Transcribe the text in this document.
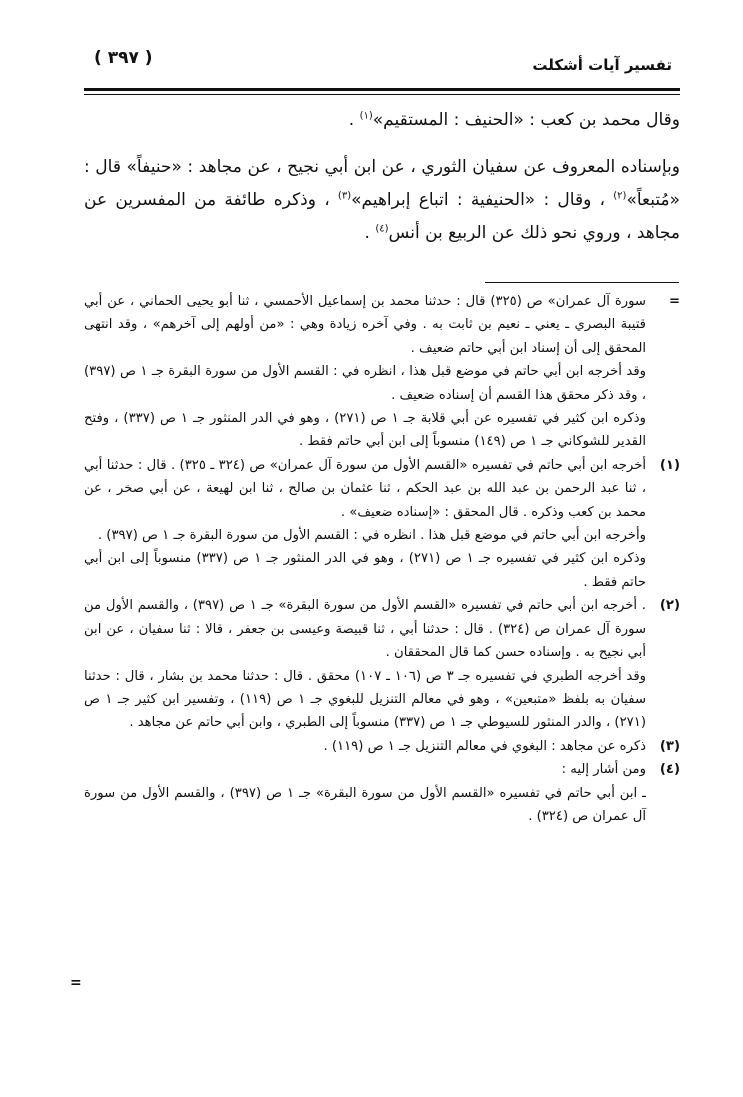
( ٣٩٧ )	تفسير آيات أشكلت

وقال محمد بن كعب : «الحنيف : المستقيم»$^{(١)}$ .

وبإسناده المعروف عن سفيان الثوري ، عن ابن أبي نجيح ، عن مجاهد : «حنيفاً» قال : «مُتبعاً»$^{(٢)}$ ، وقال : «الحنيفية : اتباع إبراهيم»$^{(٣)}$ ، وذكره طائفة من المفسرين عن مجاهد ، وروي نحو ذلك عن الربيع بن أنس$^{(٤)}$ .

=

سورة آل عمران» ص (٣٢٥) قال : حدثنا محمد بن إسماعيل الأحمسي ، ثنا أبو يحيى الحماني ، عن أبي قتيبة البصري ـ يعني ـ نعيم بن ثابت به . وفي آخره زيادة وهي : «من أولهم إلى آخرهم» ، وقد انتهى المحقق إلى أن إسناد ابن أبي حاتم ضعيف .

وقد أخرجه ابن أبي حاتم في موضع قبل هذا ، انظره في : القسم الأول من سورة البقرة جـ ١ ص (٣٩٧) ، وقد ذكر محقق هذا القسم أن إسناده ضعيف .

وذكره ابن كثير في تفسيره عن أبي قلابة جـ ١ ص (٢٧١) ، وهو في الدر المنثور جـ ١ ص (٣٣٧) ، وفتح القدير للشوكاني جـ ١ ص (١٤٩) منسوباً إلى ابن أبي حاتم فقط .

(١)

أخرجه ابن أبي حاتم في تفسيره «القسم الأول من سورة آل عمران» ص (٣٢٤ ـ ٣٢٥) . قال : حدثنا أبي ، ثنا عبد الرحمن بن عبد الله بن عبد الحكم ، ثنا عثمان بن صالح ، ثنا ابن لهيعة ، عن أبي صخر ، عن محمد بن كعب وذكره . قال المحقق : «إسناده ضعيف» .

وأخرجه ابن أبي حاتم في موضع قبل هذا . انظره في : القسم الأول من سورة البقرة جـ ١ ص (٣٩٧) .

وذكره ابن كثير في تفسيره جـ ١ ص (٢٧١) ، وهو في الدر المنثور جـ ١ ص (٣٣٧) منسوباً إلى ابن أبي حاتم فقط .

(٢)

. أخرجه ابن أبي حاتم في تفسيره «القسم الأول من سورة البقرة» جـ ١ ص (٣٩٧) ، والقسم الأول من سورة آل عمران ص (٣٢٤) . قال : حدثنا أبي ، ثنا قبيصة وعيسى بن جعفر ، قالا : ثنا سفيان ، عن ابن أبي نجيح به . وإسناده حسن كما قال المحققان .

وقد أخرجه الطبري في تفسيره جـ ٣ ص (١٠٦ ـ ١٠٧) محقق . قال : حدثنا محمد بن بشار ، قال : حدثنا سفيان به بلفظ «متبعين» ، وهو في معالم التنزيل للبغوي جـ ١ ص (١١٩) ، وتفسير ابن كثير جـ ١ ص (٢٧١) ، والدر المنثور للسيوطي جـ ١ ص (٣٣٧) منسوباً إلى الطبري ، وابن أبي حاتم عن مجاهد .

(٣)

ذكره عن مجاهد : البغوي في معالم التنزيل جـ ١ ص (١١٩) .

(٤)

ومن أشار إليه :

ـ ابن أبي حاتم في تفسيره «القسم الأول من سورة البقرة» جـ ١ ص (٣٩٧) ، والقسم الأول من سورة آل عمران ص (٣٢٤) .

=
